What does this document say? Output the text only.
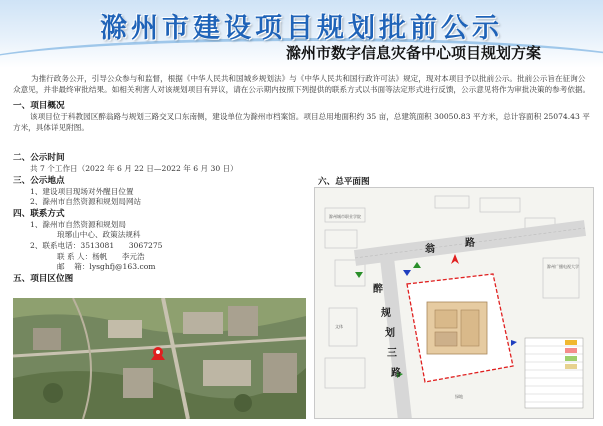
滁州市建设项目规划批前公示
滁州市数字信息灾备中心项目规划方案

为推行政务公开，引导公众参与和监督，根据《中华人民共和国城乡规划法》与《中华人民共和国行政许可法》规定，现对本项目予以批前公示。批前公示旨在征询公众意见，并非最终审批结果。如相关利害人对该规划项目有异议，请在公示期内按照下列提供的联系方式以书面等法定形式进行反馈，公示意见将作为审批决策的参考依据。

一、项目概况

该项目位于科教园区醉翁路与规划三路交叉口东南侧，建设单位为滁州市档案馆。项目总用地面积约 35 亩，总建筑面积 30050.83 平方米，总计容面积 25074.43 平方米，具体详见附图。

二、公示时间
共 7 个工作日（2022 年 6 月 22 日—2022 年 6 月 30 日）
三、公示地点
1、建设项目现场对外醒目位置
2、滁州市自然资源和规划局网站
四、联系方式
1、滁州市自然资源和规划局
琅琊山中心、政策法规科
2、联系电话：3513081      3067275
联 系 人：杨帆      李元浩
邮    箱：lysghfj@163.com
五、项目区位图
六、总平面图
翁
路
醉
规
划
三
路
滁州城市职业学院
滁州广播电视大学
文体
绿地
